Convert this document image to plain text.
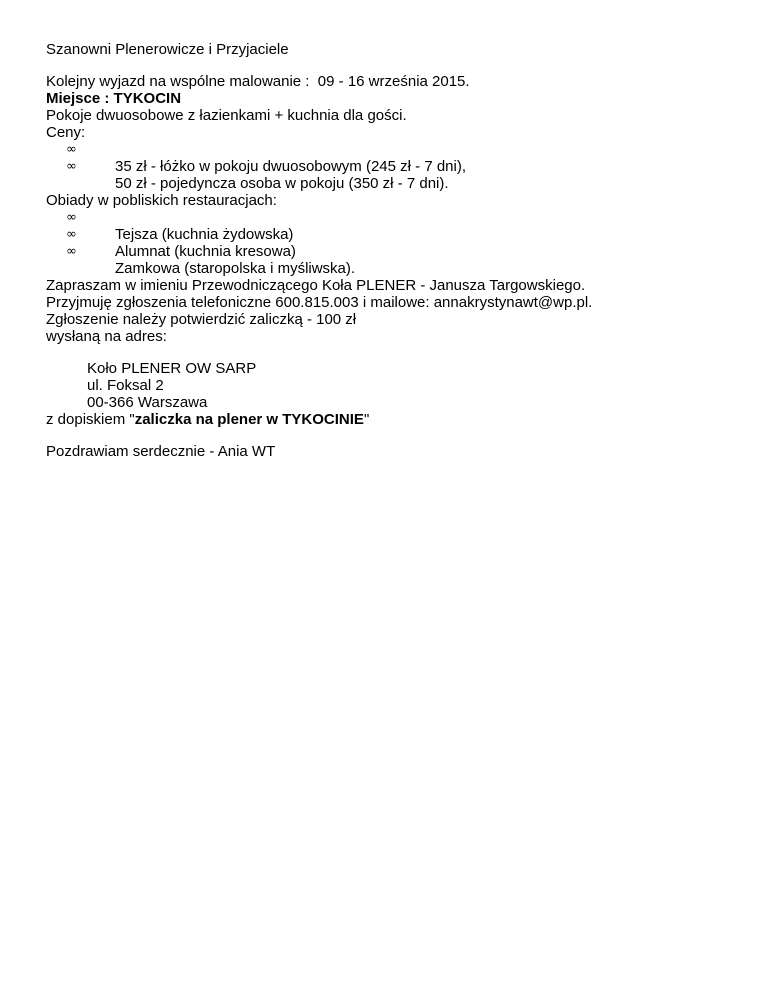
Szanowni Plenerowicze i Przyjaciele
Kolejny wyjazd na wspólne malowanie :  09 - 16 września 2015.
Miejsce : TYKOCIN
Pokoje dwuosobowe z łazienkami + kuchnia dla gości.
Ceny:

∞
35 zł - łóżko w pokoju dwuosobowym (245 zł - 7 dni),

∞
50 zł - pojedyncza osoba w pokoju (350 zł - 7 dni).

Obiady w pobliskich restauracjach:

∞
Tejsza (kuchnia żydowska)

∞
Alumnat (kuchnia kresowa)

∞
Zamkowa (staropolska i myśliwska).

Zapraszam w imieniu Przewodniczącego Koła PLENER - Janusza Targowskiego.
Przyjmuję zgłoszenia telefoniczne 600.815.003 i mailowe: annakrystynawt@wp.pl.
Zgłoszenie należy potwierdzić zaliczką - 100 zł
wysłaną na adres:
Koło PLENER OW SARP
ul. Foksal 2
00-366 Warszawa
z dopiskiem "zaliczka na plener w TYKOCINIE"
Pozdrawiam serdecznie - Ania WT
